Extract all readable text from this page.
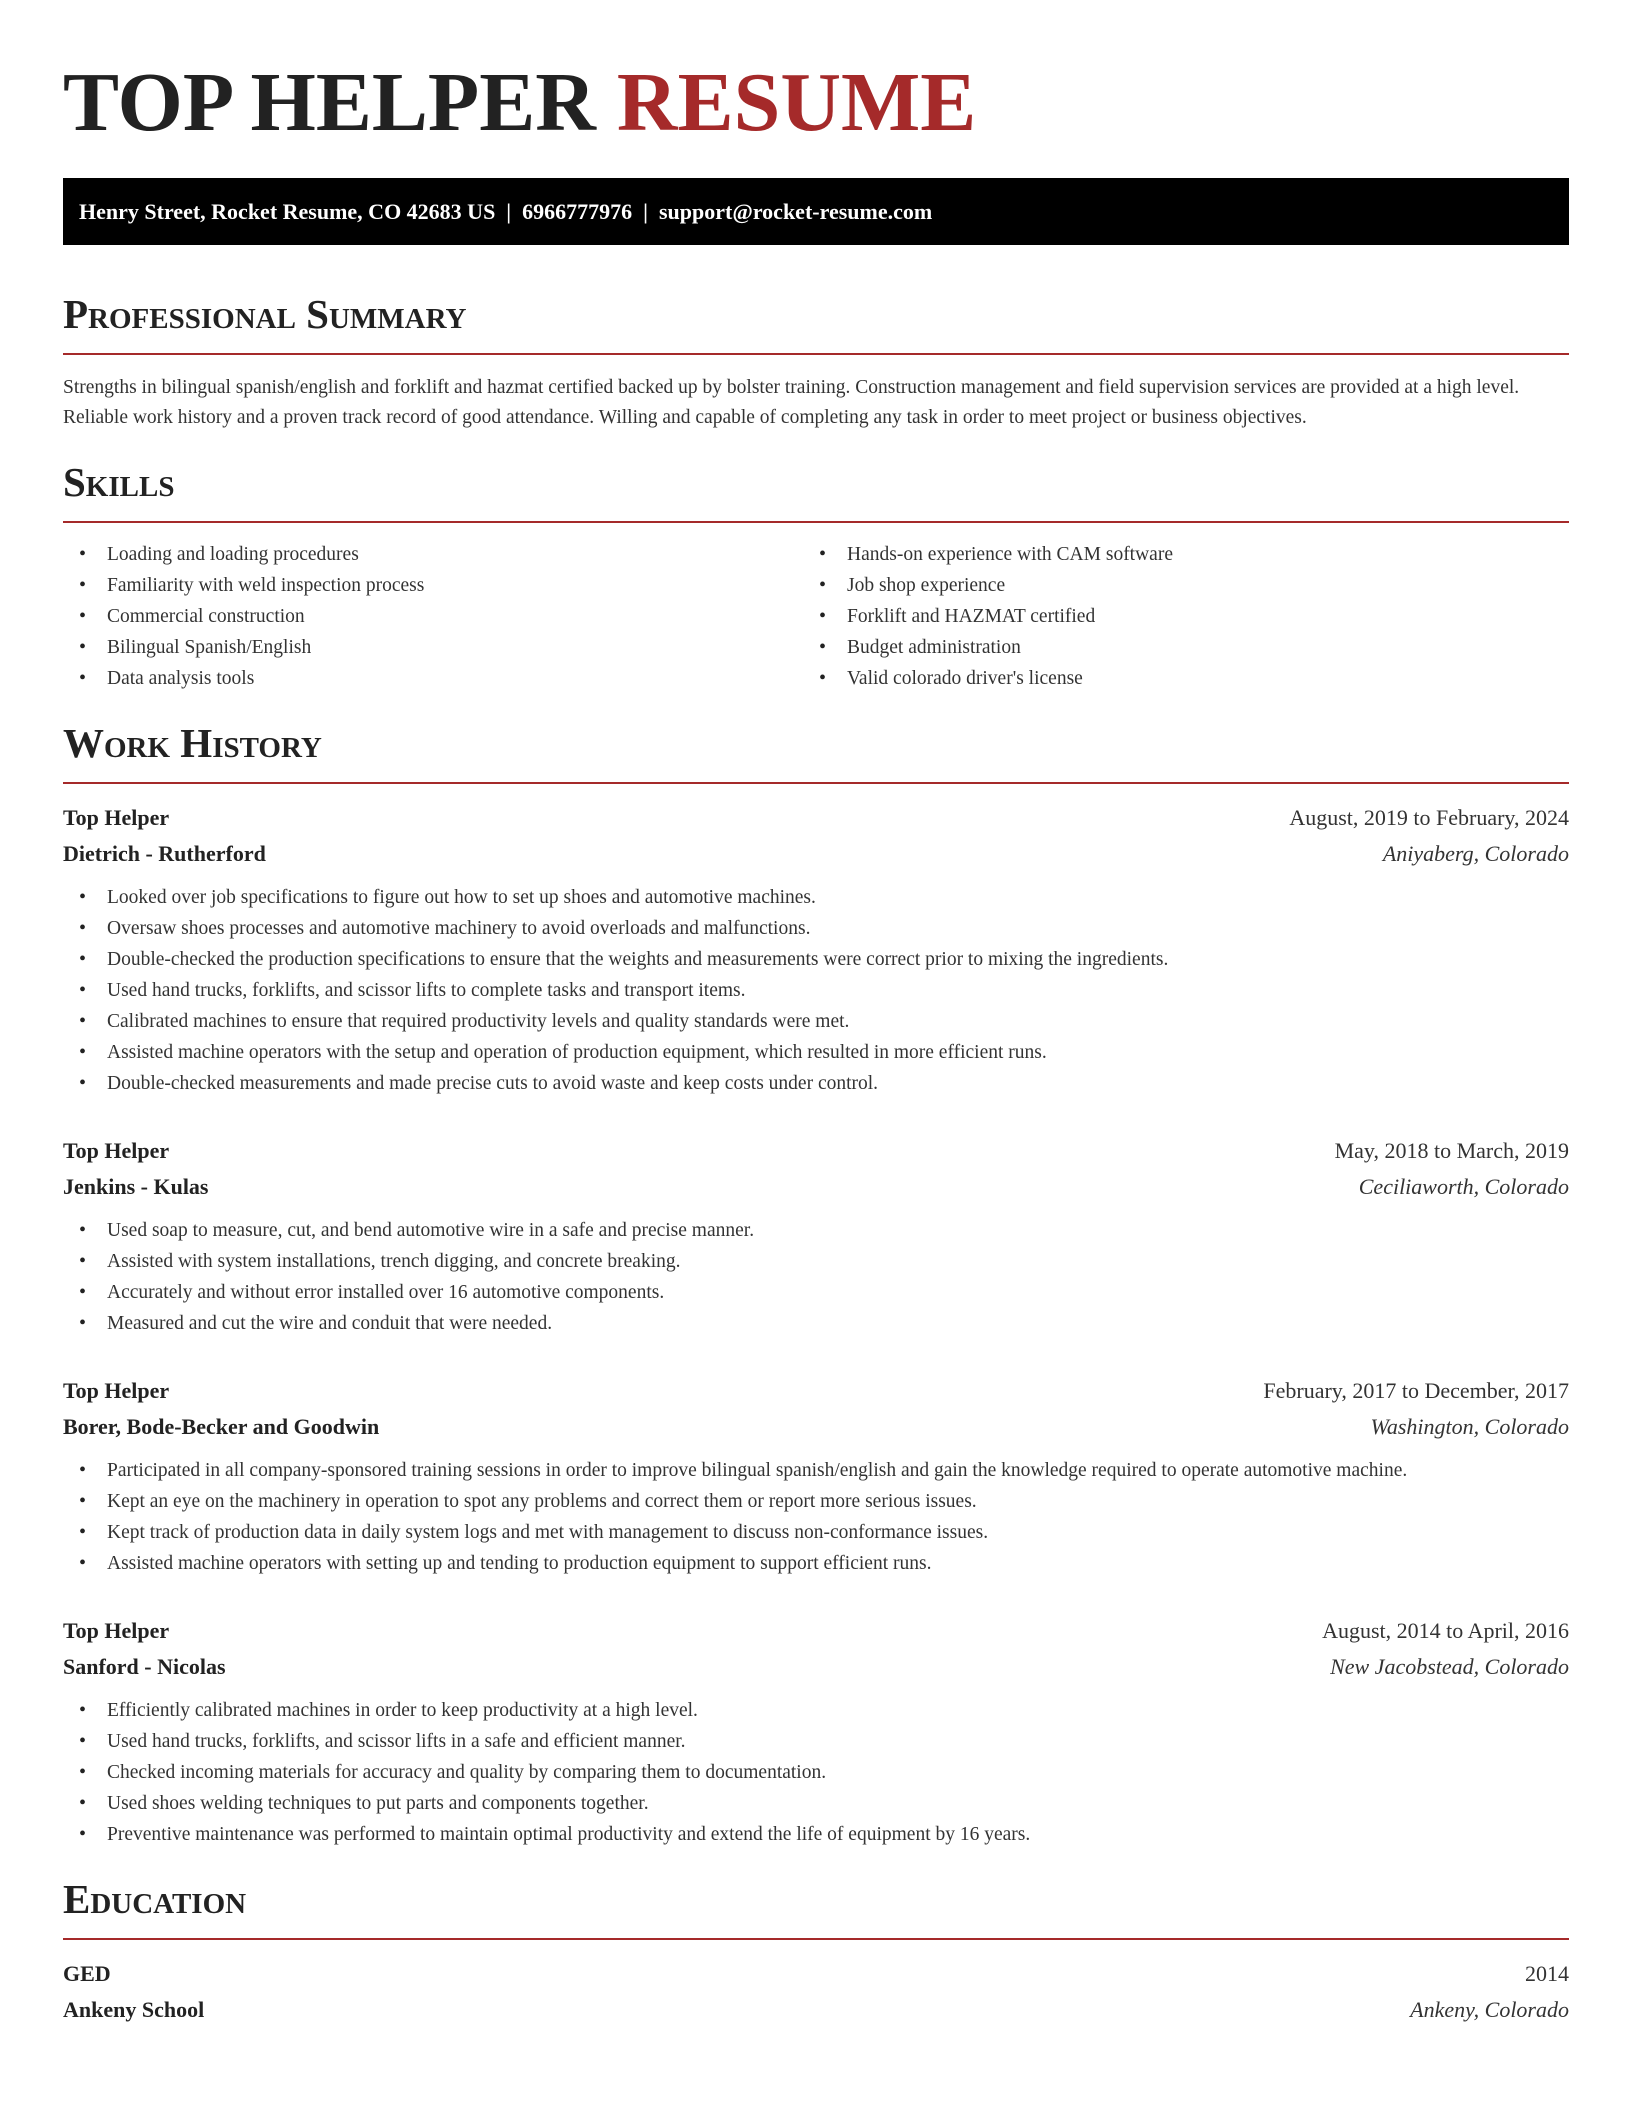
TOP HELPER RESUME
Henry Street, Rocket Resume, CO 42683 US  |  6966777976  |  support@rocket-resume.com
Professional Summary

Strengths in bilingual spanish/english and forklift and hazmat certified backed up by bolster training. Construction management and field supervision services are provided at a high level. Reliable work history and a proven track record of good attendance. Willing and capable of completing any task in order to meet project or business objectives.

Skills
• Loading and loading procedures
• Familiarity with weld inspection process
• Commercial construction
• Bilingual Spanish/English
• Data analysis tools
• Hands-on experience with CAM software
• Job shop experience
• Forklift and HAZMAT certified
• Budget administration
• Valid colorado driver's license
Work History
Top Helper	August, 2019 to February, 2024
Dietrich - Rutherford	Aniyaberg, Colorado
• Looked over job specifications to figure out how to set up shoes and automotive machines.
• Oversaw shoes processes and automotive machinery to avoid overloads and malfunctions.
• Double-checked the production specifications to ensure that the weights and measurements were correct prior to mixing the ingredients.
• Used hand trucks, forklifts, and scissor lifts to complete tasks and transport items.
• Calibrated machines to ensure that required productivity levels and quality standards were met.
• Assisted machine operators with the setup and operation of production equipment, which resulted in more efficient runs.
• Double-checked measurements and made precise cuts to avoid waste and keep costs under control.
Top Helper	May, 2018 to March, 2019
Jenkins - Kulas	Ceciliaworth, Colorado
• Used soap to measure, cut, and bend automotive wire in a safe and precise manner.
• Assisted with system installations, trench digging, and concrete breaking.
• Accurately and without error installed over 16 automotive components.
• Measured and cut the wire and conduit that were needed.
Top Helper	February, 2017 to December, 2017
Borer, Bode-Becker and Goodwin	Washington, Colorado
• Participated in all company-sponsored training sessions in order to improve bilingual spanish/english and gain the knowledge required to operate automotive machine.
• Kept an eye on the machinery in operation to spot any problems and correct them or report more serious issues.
• Kept track of production data in daily system logs and met with management to discuss non-conformance issues.
• Assisted machine operators with setting up and tending to production equipment to support efficient runs.
Top Helper	August, 2014 to April, 2016
Sanford - Nicolas	New Jacobstead, Colorado
• Efficiently calibrated machines in order to keep productivity at a high level.
• Used hand trucks, forklifts, and scissor lifts in a safe and efficient manner.
• Checked incoming materials for accuracy and quality by comparing them to documentation.
• Used shoes welding techniques to put parts and components together.
• Preventive maintenance was performed to maintain optimal productivity and extend the life of equipment by 16 years.
Education
GED	2014
Ankeny School	Ankeny, Colorado
